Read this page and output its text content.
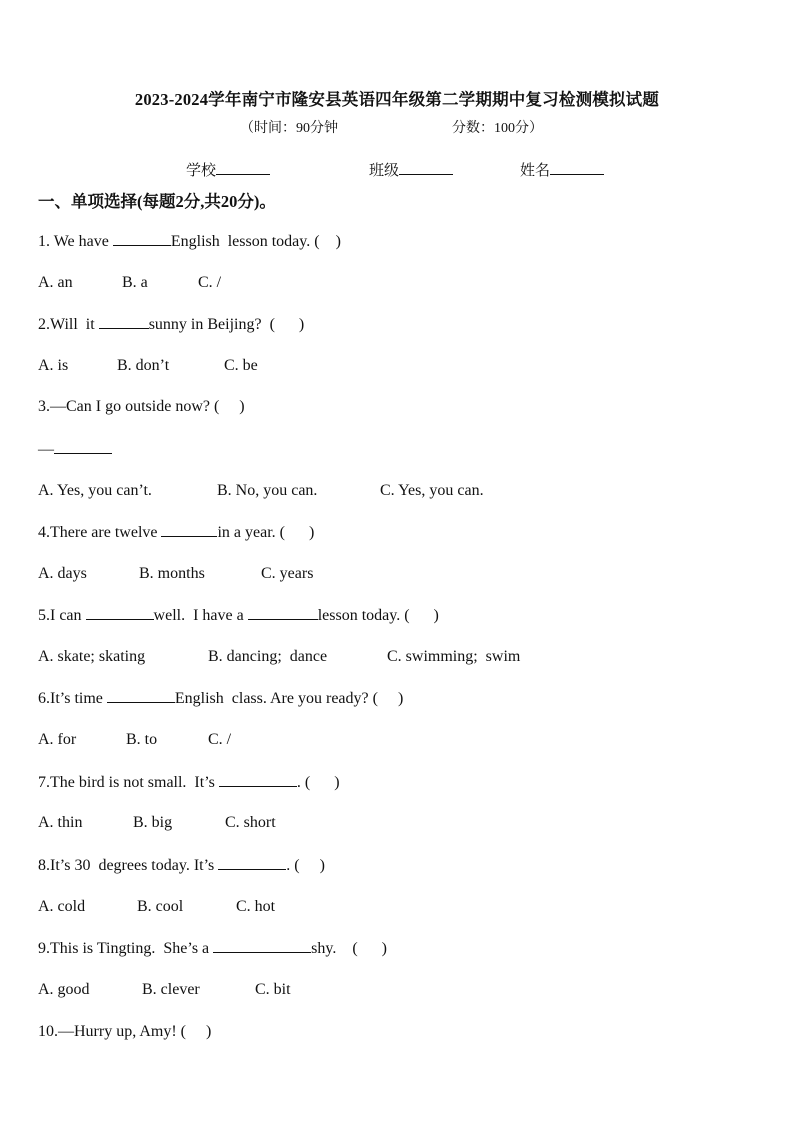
2023-2024学年南宁市隆安县英语四年级第二学期期中复习检测模拟试题
（时间：90分钟	分数：100分）
学校	班级	姓名
一、单项选择(每题2分,共20分)。
1. We have	English  lesson today. (    )
A. an	B. a	C. /
2.Will  it	sunny in Beijing?  (      )
A. is	B. don’t	C. be
3.—Can I go outside now? (     )
—
A. Yes, you can’t.	B. No, you can.	C. Yes, you can.
4.There are twelve	in a year. (      )
A. days	B. months	C. years
5.I can	well.  I have a	lesson today. (      )
A. skate; skating	B. dancing;  dance	C. swimming;  swim
6.It’s time	English  class. Are you ready? (     )
A. for	B. to	C. /
7.The bird is not small.  It’s	. (      )
A. thin	B. big	C. short
8.It’s 30  degrees today. It’s	. (     )
A. cold	B. cool	C. hot
9.This is Tingting.  She’s a	shy.    (      )
A. good	B. clever	C. bit
10.—Hurry up, Amy! (     )
